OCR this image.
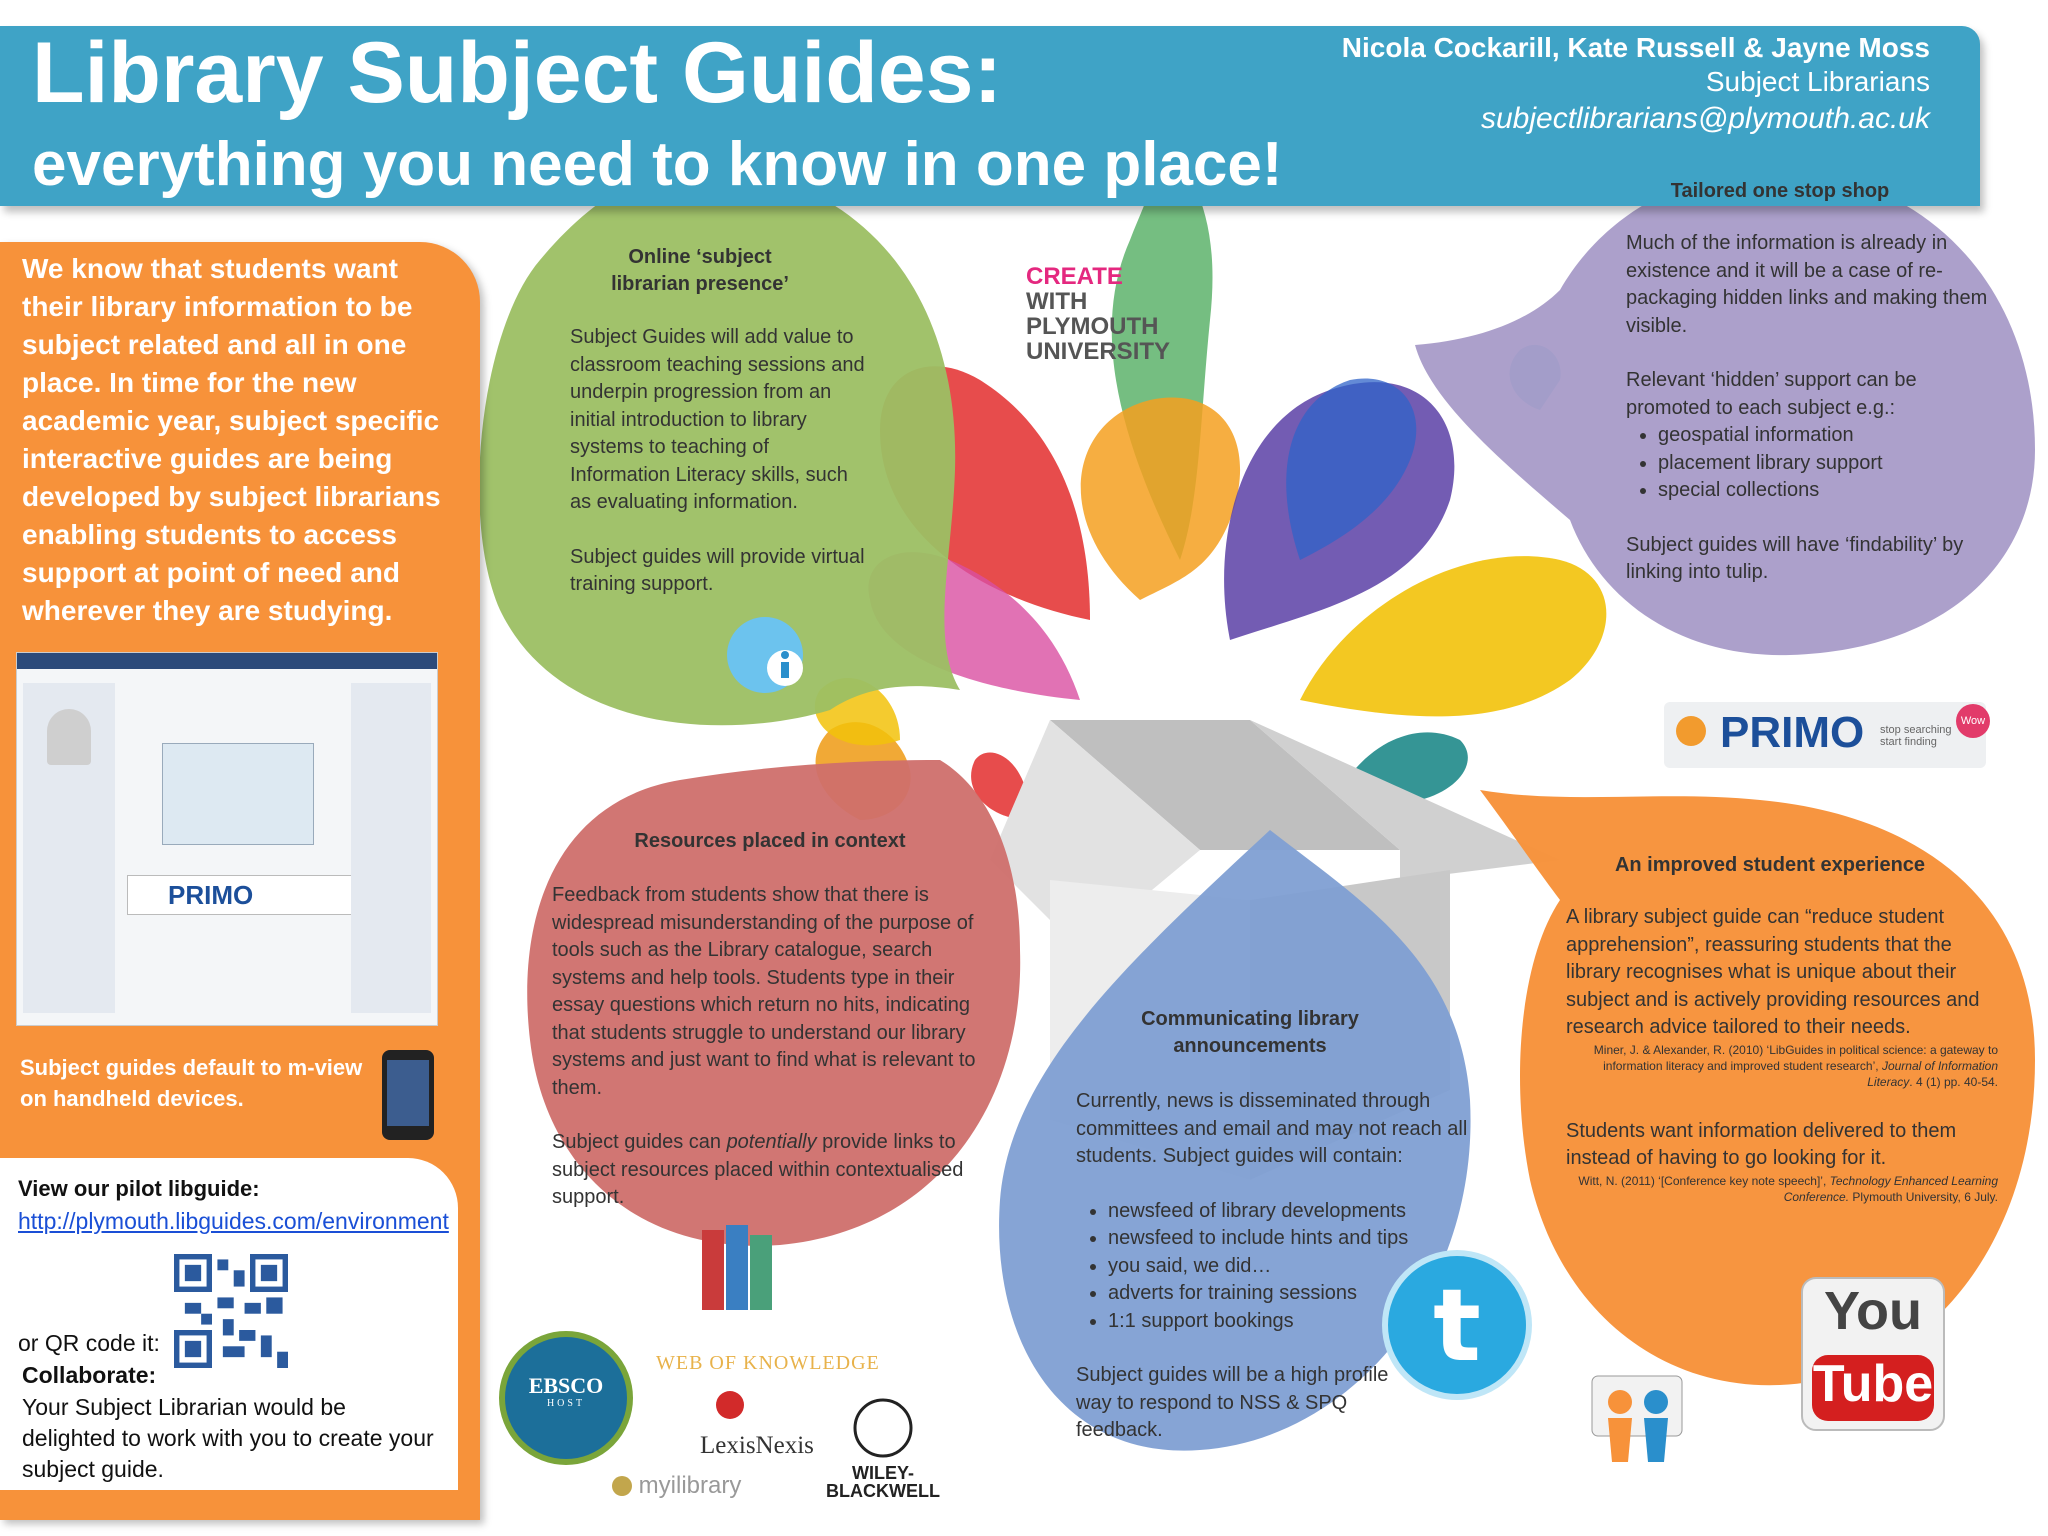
t
Library Subject Guides:
everything you need to know in one place!
Nicola Cockarill, Kate Russell & Jayne Moss
Subject Librarians
subjectlibrarians@plymouth.ac.uk
We know that students want their library information to be subject related and all in one place. In time for the new academic year, subject specific interactive guides are being developed by subject librarians enabling students to access support at point of need and wherever they are studying.
PRIMO
Subject guides default to m-view on handheld devices.
View our pilot libguide:
http://plymouth.libguides.com/environment
or QR code it:
Collaborate:
Your Subject Librarian would be delighted to work with you to create your subject guide.
CREATE
WITH
PLYMOUTH
UNIVERSITY
Online ‘subject librarian presence’

Subject Guides will add value to classroom teaching sessions and underpin progression from an initial introduction to library systems to teaching of Information Literacy skills, such as evaluating information.

Subject guides will provide virtual training support.

Tailored one stop shop

Much of the information is already in existence and it will be a case of re-packaging hidden links and making them visible.

Relevant ‘hidden’ support can be promoted to each subject e.g.:
• geospatial information
• placement library support
• special collections

Subject guides will have ‘findability’ by linking into tulip.

PRIMO stop searching start finding
Wow
Resources placed in context

Feedback from students show that there is widespread misunderstanding of the purpose of tools such as the Library catalogue, search systems and help tools. Students type in their essay questions which return no hits, indicating that students struggle to understand our library systems and just want to find what is relevant to them.

Subject guides can potentially provide links to subject resources placed within contextualised support.

Communicating library announcements

Currently, news is disseminated through committees and email and may not reach all students. Subject guides will contain:

• newsfeed of library developments
• newsfeed to include hints and tips
• you said, we did…
• adverts for training sessions
• 1:1 support bookings

Subject guides will be a high profile way to respond to NSS & SPQ feedback.

An improved student experience
A library subject guide can “reduce student apprehension”, reassuring students that the library recognises what is unique about their subject and is actively providing resources and research advice tailored to their needs.
Miner, J. & Alexander, R. (2010) ‘LibGuides in political science: a gateway to information literacy and improved student research’, Journal of Information Literacy. 4 (1) pp. 40-54.
Students want information delivered to them instead of having to go looking for it.
Witt, N. (2011) ‘[Conference key note speech]’, Technology Enhanced Learning Conference. Plymouth University, 6 July.
EBSCO
HOST
WEB OF KNOWLEDGE
LexisNexis
myilibrary	WILEY-
BLACKWELL
You
Tube
